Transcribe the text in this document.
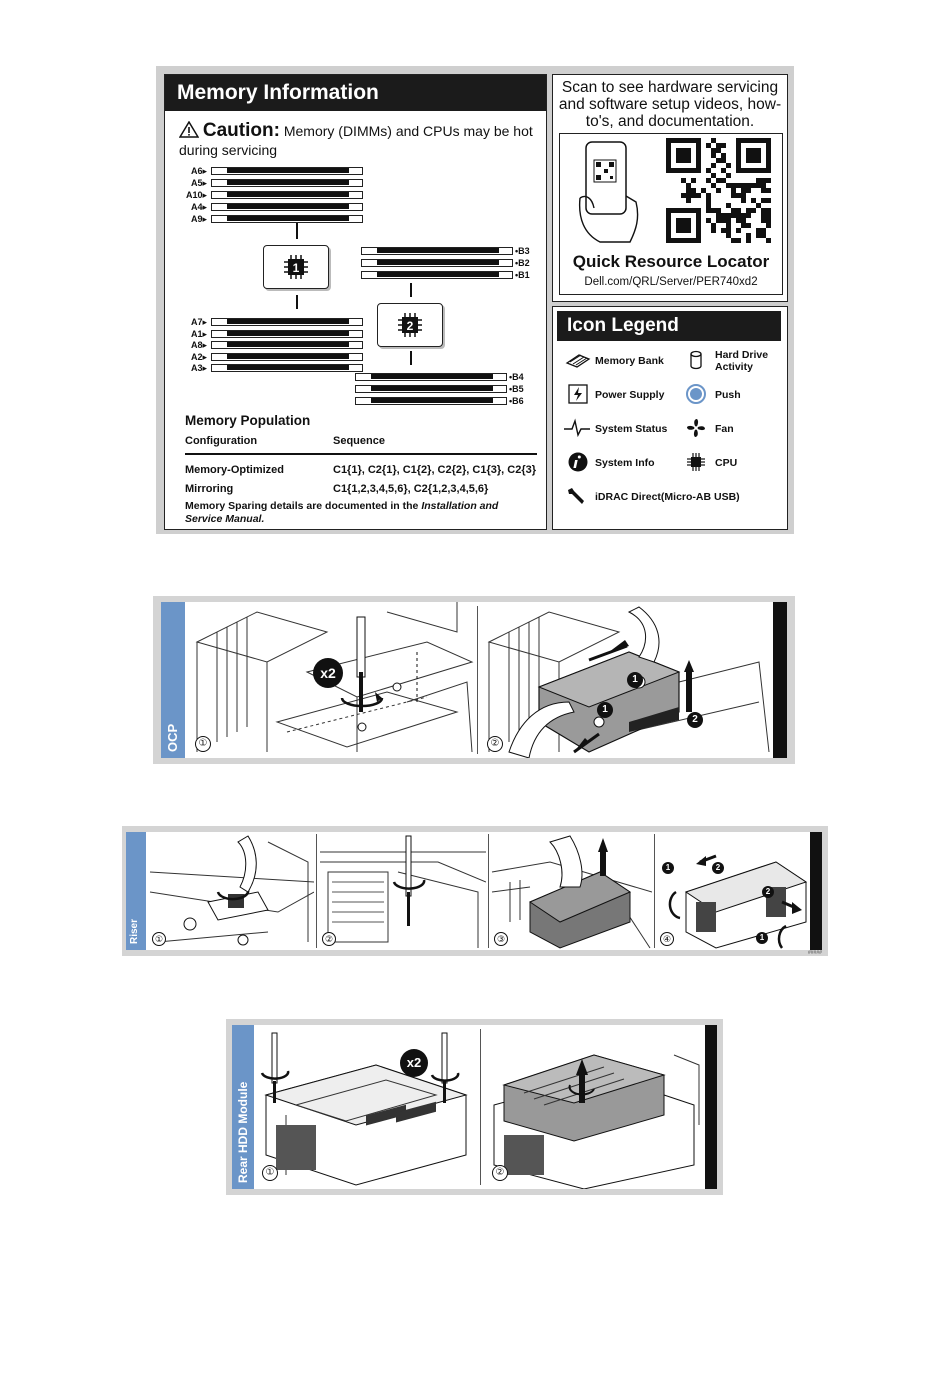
Memory Information
Caution: Memory (DIMMs) and CPUs may be hot during servicing
A6▸
A5▸
A10▸
A4▸
A9▸
•B3
•B2
•B1
A7▸
A1▸
A8▸
A2▸
A3▸
•B4
•B5
•B6
1
2
Memory Population
Configuration	Sequence
Memory-Optimized	C1{1}, C2{1}, C1{2}, C2{2}, C1{3}, C2{3}
Mirroring	C1{1,2,3,4,5,6}, C2{1,2,3,4,5,6}
Memory Sparing details are documented in the Installation and Service Manual.
Scan to see hardware servicing and software setup videos, how-to's, and documentation.
Quick Resource Locator
Dell.com/QRL/Server/PER740xd2
Icon Legend
Memory Bank	Hard Drive Activity
Power Supply	Push
System Status	Fan
System Info	CPU
iDRAC Direct(Micro-AB USB)
OCP
x2
①
1
1
2
②
Riser	①	②	③
1	2
2
1
④
#####
Rear HDD Module
x2
①	②
